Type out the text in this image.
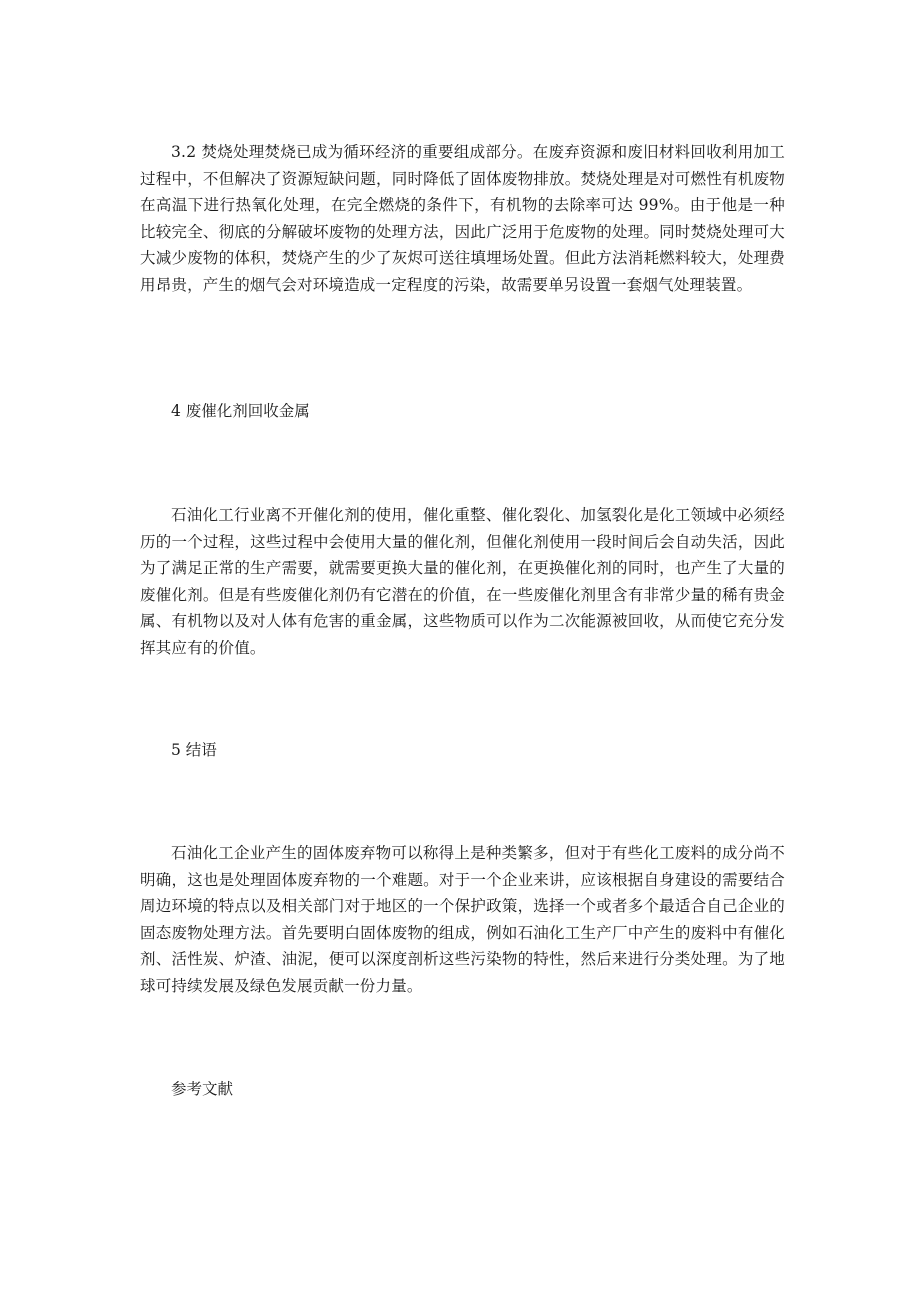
3.2 焚烧处理焚烧已成为循环经济的重要组成部分。在废弃资源和废旧材料回收利用加工过程中，不但解决了资源短缺问题，同时降低了固体废物排放。焚烧处理是对可燃性有机废物在高温下进行热氧化处理，在完全燃烧的条件下，有机物的去除率可达 99%。由于他是一种比较完全、彻底的分解破坏废物的处理方法，因此广泛用于危废物的处理。同时焚烧处理可大大减少废物的体积，焚烧产生的少了灰烬可送往填埋场处置。但此方法消耗燃料较大，处理费用昂贵，产生的烟气会对环境造成一定程度的污染，故需要单另设置一套烟气处理装置。

4 废催化剂回收金属

石油化工行业离不开催化剂的使用，催化重整、催化裂化、加氢裂化是化工领域中必须经历的一个过程，这些过程中会使用大量的催化剂，但催化剂使用一段时间后会自动失活，因此为了满足正常的生产需要，就需要更换大量的催化剂，在更换催化剂的同时，也产生了大量的废催化剂。但是有些废催化剂仍有它潜在的价值，在一些废催化剂里含有非常少量的稀有贵金属、有机物以及对人体有危害的重金属，这些物质可以作为二次能源被回收，从而使它充分发挥其应有的价值。

5 结语

石油化工企业产生的固体废弃物可以称得上是种类繁多，但对于有些化工废料的成分尚不明确，这也是处理固体废弃物的一个难题。对于一个企业来讲，应该根据自身建设的需要结合周边环境的特点以及相关部门对于地区的一个保护政策，选择一个或者多个最适合自己企业的固态废物处理方法。首先要明白固体废物的组成，例如石油化工生产厂中产生的废料中有催化剂、活性炭、炉渣、油泥，便可以深度剖析这些污染物的特性，然后来进行分类处理。为了地球可持续发展及绿色发展贡献一份力量。

参考文献
